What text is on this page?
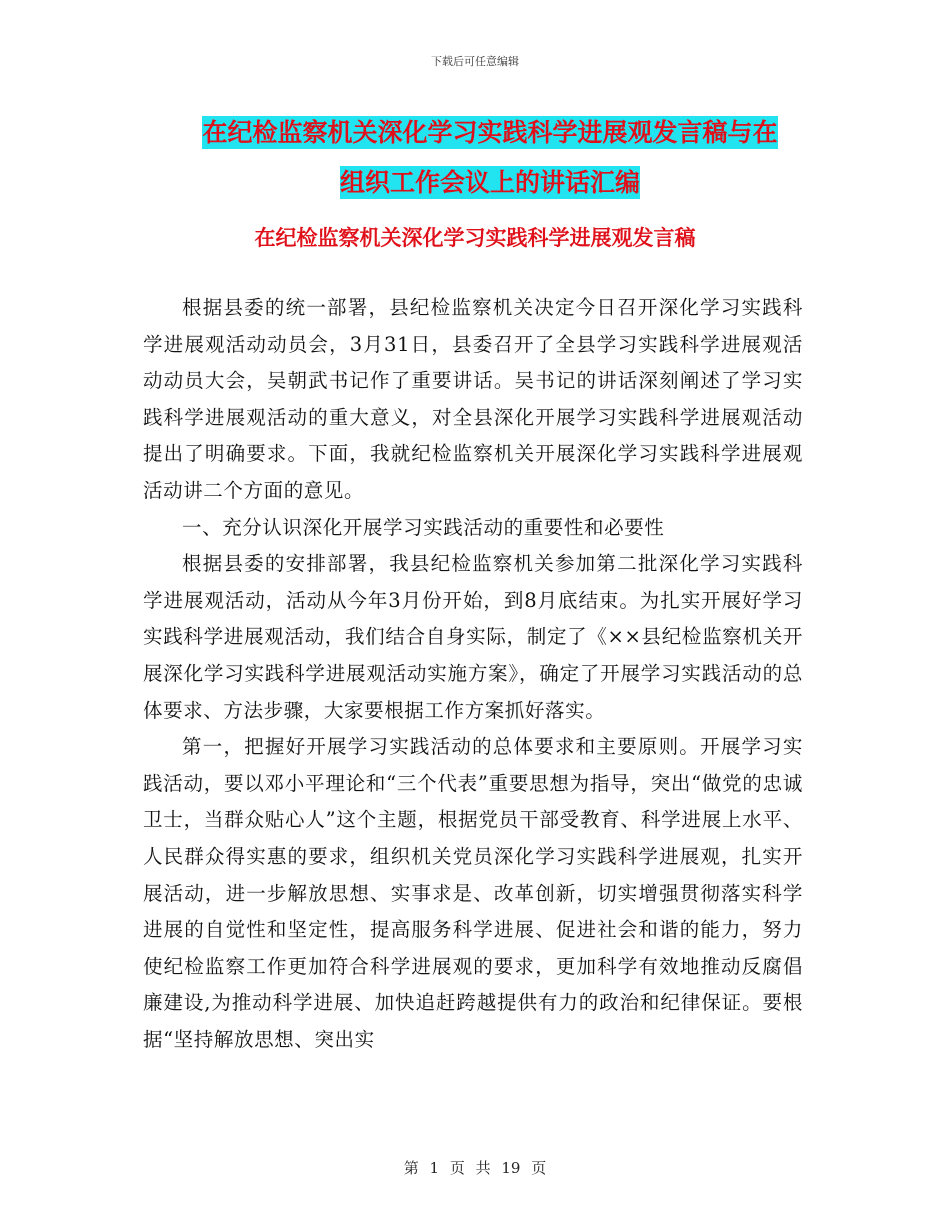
下载后可任意编辑
在纪检监察机关深化学习实践科学进展观发言稿与在
组织工作会议上的讲话汇编
在纪检监察机关深化学习实践科学进展观发言稿

根据县委的统一部署，县纪检监察机关决定今日召开深化学习实践科学进展观活动动员会，3月31日，县委召开了全县学习实践科学进展观活动动员大会，吴朝武书记作了重要讲话。吴书记的讲话深刻阐述了学习实践科学进展观活动的重大意义，对全县深化开展学习实践科学进展观活动提出了明确要求。下面，我就纪检监察机关开展深化学习实践科学进展观活动讲二个方面的意见。

一、充分认识深化开展学习实践活动的重要性和必要性

根据县委的安排部署，我县纪检监察机关参加第二批深化学习实践科学进展观活动，活动从今年3月份开始，到8月底结束。为扎实开展好学习实践科学进展观活动，我们结合自身实际，制定了《××县纪检监察机关开展深化学习实践科学进展观活动实施方案》，确定了开展学习实践活动的总体要求、方法步骤，大家要根据工作方案抓好落实。

第一，把握好开展学习实践活动的总体要求和主要原则。开展学习实践活动，要以邓小平理论和“三个代表”重要思想为指导，突出“做党的忠诚卫士，当群众贴心人”这个主题，根据党员干部受教育、科学进展上水平、人民群众得实惠的要求，组织机关党员深化学习实践科学进展观，扎实开展活动，进一步解放思想、实事求是、改革创新，切实增强贯彻落实科学进展的自觉性和坚定性，提高服务科学进展、促进社会和谐的能力，努力使纪检监察工作更加符合科学进展观的要求，更加科学有效地推动反腐倡廉建设,为推动科学进展、加快追赶跨越提供有力的政治和纪律保证。要根据“坚持解放思想、突出实

第 1 页 共 19 页
